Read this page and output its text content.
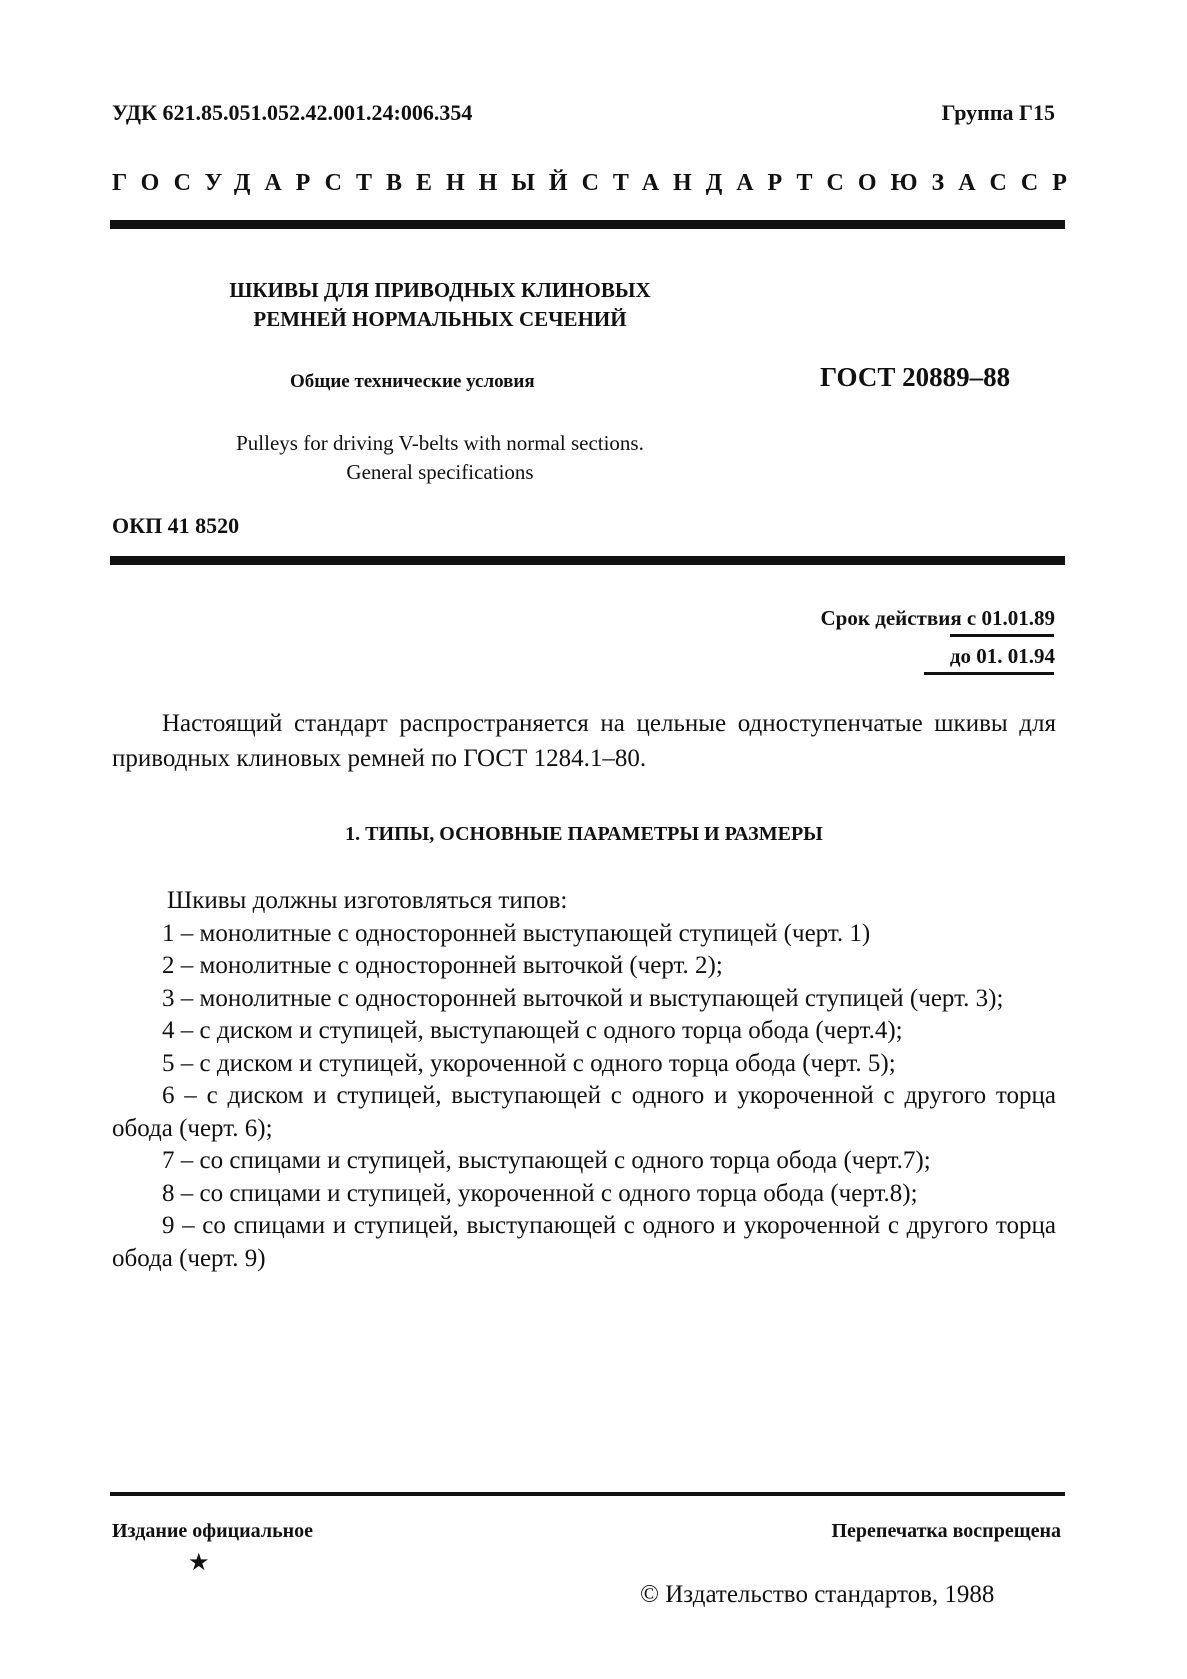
УДК 621.85.051.052.42.001.24:006.354	Группа Г15
ГОСУДАРСТВЕННЫЙ СТАНДАРТ СОЮЗА ССР
ШКИВЫ ДЛЯ ПРИВОДНЫХ КЛИНОВЫХ
РЕМНЕЙ НОРМАЛЬНЫХ СЕЧЕНИЙ
Общие технические условия	ГОСТ 20889–88
Pulleys for driving V-belts with normal sections.
General specifications
ОКП 41 8520
Срок действия с 01.01.89
до 01. 01.94

Настоящий стандарт распространяется на цельные одноступенчатые шкивы для приводных клиновых ремней по ГОСТ 1284.1–80.

1. ТИПЫ, ОСНОВНЫЕ ПАРАМЕТРЫ И РАЗМЕРЫ

Шкивы должны изготовляться типов:

1 – монолитные с односторонней выступающей ступицей (черт. 1)

2 – монолитные с односторонней выточкой (черт. 2);

3 – монолитные с односторонней выточкой и выступающей ступицей (черт. 3);

4 – с диском и ступицей, выступающей с одного торца обода (черт.4);

5 – с диском и ступицей, укороченной с одного торца обода (черт. 5);

6 – с диском и ступицей, выступающей с одного и укороченной с другого торца обода (черт. 6);

7 – со спицами и ступицей, выступающей с одного торца обода (черт.7);

8 – со спицами и ступицей, укороченной с одного торца обода (черт.8);

9 – со спицами и ступицей, выступающей с одного и укороченной с другого торца обода (черт. 9)

Издание официальное	Перепечатка воспрещена
★
© Издательство стандартов, 1988
